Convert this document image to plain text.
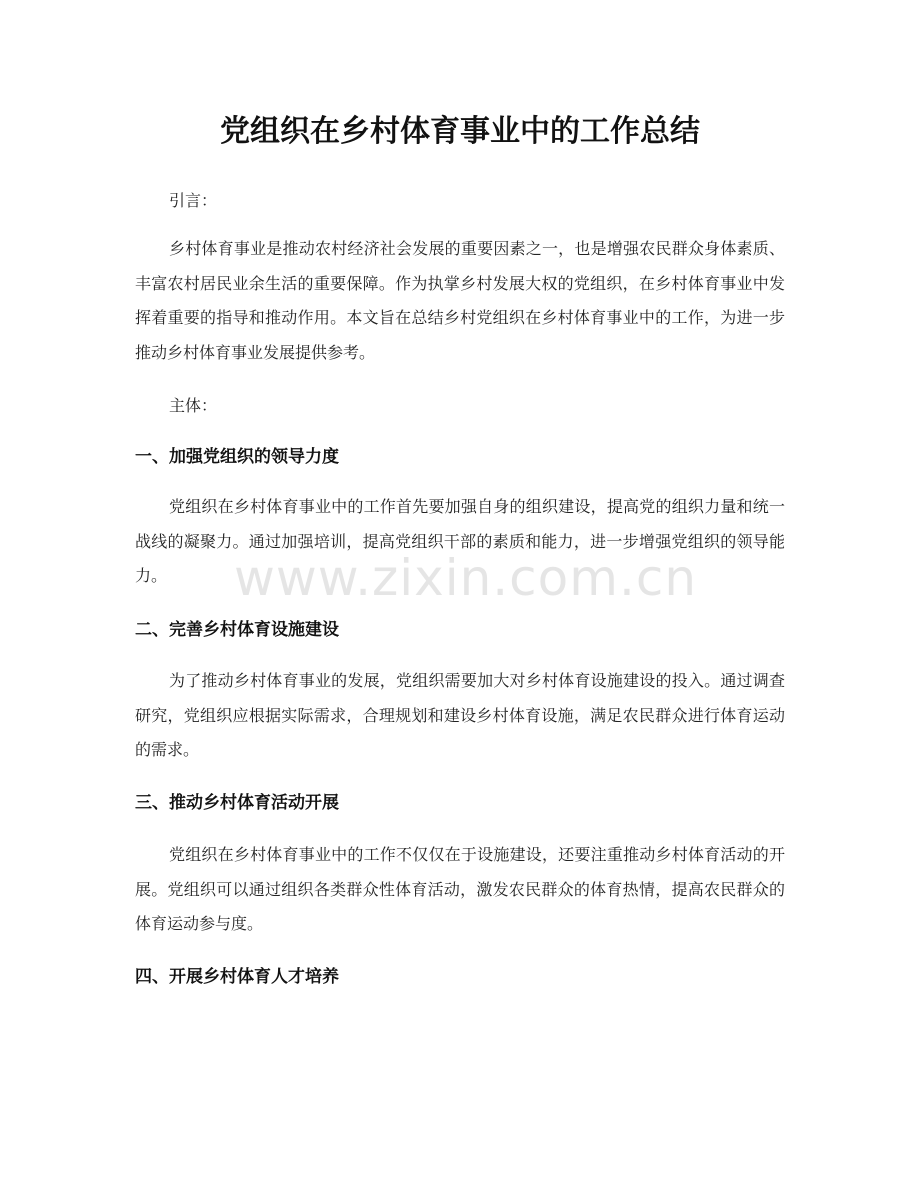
党组织在乡村体育事业中的工作总结

引言：

乡村体育事业是推动农村经济社会发展的重要因素之一，也是增强农民群众身体素质、丰富农村居民业余生活的重要保障。作为执掌乡村发展大权的党组织，在乡村体育事业中发挥着重要的指导和推动作用。本文旨在总结乡村党组织在乡村体育事业中的工作，为进一步推动乡村体育事业发展提供参考。

主体：

一、加强党组织的领导力度

党组织在乡村体育事业中的工作首先要加强自身的组织建设，提高党的组织力量和统一战线的凝聚力。通过加强培训，提高党组织干部的素质和能力，进一步增强党组织的领导能力。

二、完善乡村体育设施建设

为了推动乡村体育事业的发展，党组织需要加大对乡村体育设施建设的投入。通过调查研究，党组织应根据实际需求，合理规划和建设乡村体育设施，满足农民群众进行体育运动的需求。

三、推动乡村体育活动开展

党组织在乡村体育事业中的工作不仅仅在于设施建设，还要注重推动乡村体育活动的开展。党组织可以通过组织各类群众性体育活动，激发农民群众的体育热情，提高农民群众的体育运动参与度。

四、开展乡村体育人才培养
www.zixin.com.cn
